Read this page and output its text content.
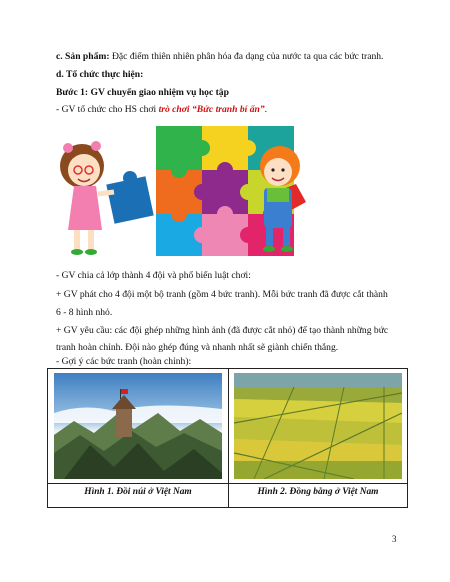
c. Sản phẩm: Đặc điểm thiên nhiên phân hóa đa dạng của nước ta qua các bức tranh.
d. Tổ chức thực hiện:
Bước 1: GV chuyển giao nhiệm vụ học tập
- GV tổ chức cho HS chơi trò chơi “Bức tranh bí ẩn”.
- GV chia cả lớp thành 4 đội và phổ biến luật chơi:
+ GV phát cho 4 đội một bộ tranh (gồm 4 bức tranh). Mỗi bức tranh đã được cắt thành
6 - 8 hình nhỏ.
+ GV yêu cầu: các đội ghép những hình ảnh (đã được cắt nhỏ) để tạo thành những bức
tranh hoàn chỉnh. Đội nào ghép đúng và nhanh nhất sẽ giành chiến thắng.
- Gợi ý các bức tranh (hoàn chỉnh):
Hình 1. Đồi núi ở Việt Nam	Hình 2. Đồng bằng ở Việt Nam
3
